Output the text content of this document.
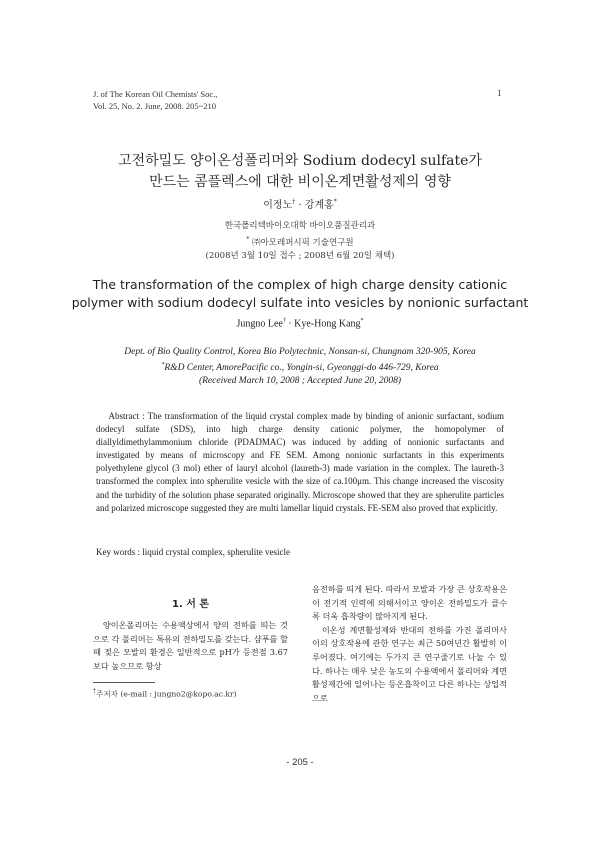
J. of The Korean Oil Chemists' Soc.,
Vol. 25, No. 2. June, 2008. 205~210
1
고전하밀도 양이온성폴리머와 Sodium dodecyl sulfate가
만드는 콤플렉스에 대한 비이온계면활성제의 영향
이정노† · 강계홍*
한국폴리텍바이오대학 바이오품질관리과
* ㈜아모레퍼시픽 기술연구원
(2008년 3월 10일 접수 ; 2008년 6월 20일 채택)
The transformation of the complex of high charge density cationic
polymer with sodium dodecyl sulfate into vesicles by nonionic surfactant
Jungno Lee† · Kye-Hong Kang*
Dept. of Bio Quality Control, Korea Bio Polytechnic, Nonsan-si, Chungnam 320-905, Korea
*R&D Center, AmorePacific co., Yongin-si, Gyeonggi-do 446-729, Korea
(Received March 10, 2008 ; Accepted June 20, 2008)
Abstract : The transformation of the liquid crystal complex made by binding of anionic surfactant, sodium dodecyl sulfate (SDS), into high charge density cationic polymer, the homopolymer of diallyldimethylammonium chloride (PDADMAC) was induced by adding of nonionic surfactants and investigated by means of microscopy and FE SEM. Among nonionic surfactants in this experiments polyethylene glycol (3 mol) ether of lauryl alcohol (laureth-3) made variation in the complex. The laureth-3 transformed the complex into spherulite vesicle with the size of ca.100μm. This change increased the viscosity and the turbidity of the solution phase separated originally. Microscope showed that they are spherulite particles and polarized microscope suggested they are multi lamellar liquid crystals. FE-SEM also proved that explicitly.
Key words : liquid crystal complex, spherulite vesicle
1. 서 론
양이온폴리머는 수용액상에서 양의 전하를 띄는 것으로 각 폴리머는 특유의 전하밀도를 갖는다. 샴푸를 할 때 젖은 모발의 환경은 일반적으로 pH가 등전점 3.67보다 높으므로 항상
음전하를 띄게 된다. 따라서 모발과 가장 큰 상호작용은 이 전기적 인력에 의해서이고 양이온 전하밀도가 클수록 더욱 흡착량이 많아지게 된다.
이온성 계면활성제와 반대의 전하를 가진 폴리머사이의 상호작용에 관한 연구는 최근 50여년간 활발히 이루어졌다. 여기에는 두가지 큰 연구줄기로 나눌 수 있다. 하나는 매우 낮은 농도의 수용액에서 폴리머와 계면활성제간에 일어나는 등온흡착이고 다른 하나는 상업적으로
†주저자 (e-mail : jungno2@kopo.ac.kr)
- 205 -
